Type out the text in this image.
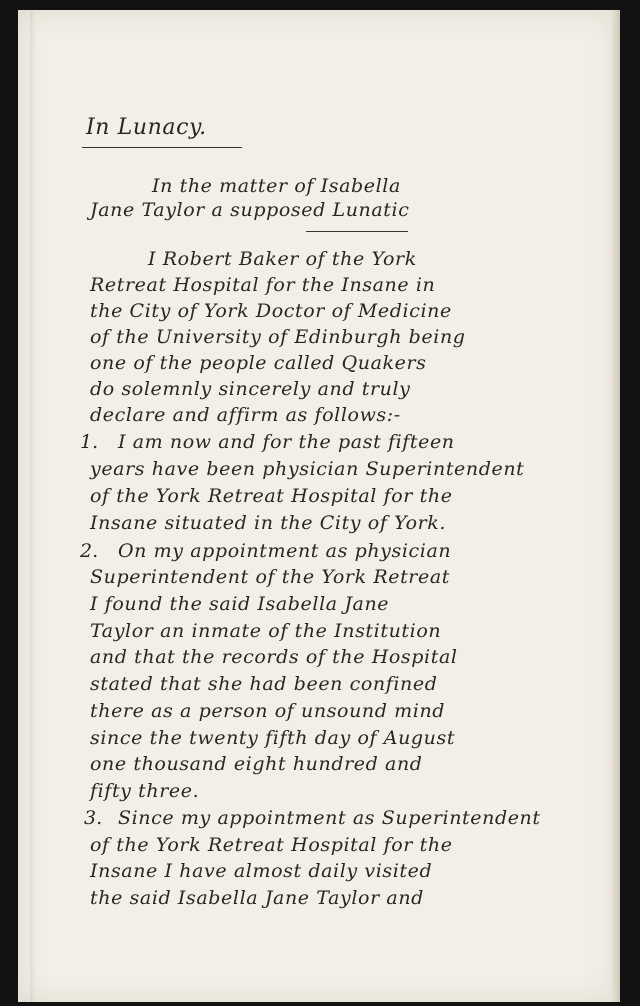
In Lunacy.
In the matter of Isabella
Jane Taylor a supposed Lunatic
I Robert Baker of the York
Retreat Hospital for the Insane in
the City of York Doctor of Medicine
of the University of Edinburgh being
one of the people called Quakers
do solemnly sincerely and truly
declare and affirm as follows:-
1. I am now and for the past fifteen
years have been physician Superintendent
of the York Retreat Hospital for the
Insane situated in the City of York.
2. On my appointment as physician
Superintendent of the York Retreat
I found the said Isabella Jane
Taylor an inmate of the Institution
and that the records of the Hospital
stated that she had been confined
there as a person of unsound mind
since the twenty fifth day of August
one thousand eight hundred and
fifty three.
3. Since my appointment as Superintendent
of the York Retreat Hospital for the
Insane I have almost daily visited
the said Isabella Jane Taylor and
